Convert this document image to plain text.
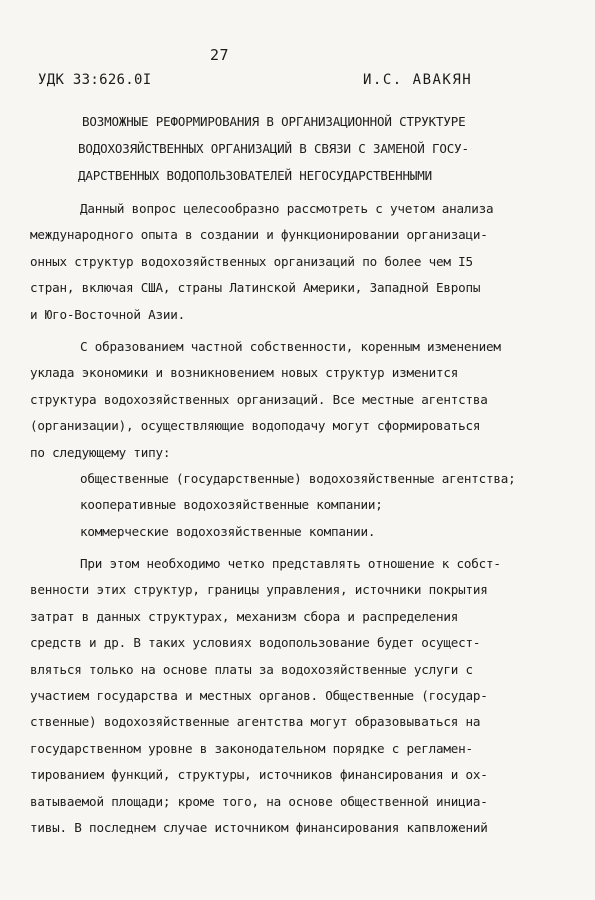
27
УДК 33:626.0I	И.С. АВАКЯН
ВОЗМОЖНЫЕ РЕФОРМИРОВАНИЯ В ОРГАНИЗАЦИОННОЙ СТРУКТУРЕ
ВОДОХОЗЯЙСТВЕННЫХ ОРГАНИЗАЦИЙ В СВЯЗИ С ЗАМЕНОЙ ГОСУ-
ДАРСТВЕННЫХ ВОДОПОЛЬЗОВАТЕЛЕЙ НЕГОСУДАРСТВЕННЫМИ
Данный вопрос целесообразно рассмотреть с учетом анализа
международного опыта в создании и функционировании организаци-
онных структур водохозяйственных организаций по более чем I5
стран, включая США, страны Латинской Америки, Западной Европы
и Юго-Восточной Азии.
С образованием частной собственности, коренным изменением
уклада экономики и возникновением новых структур изменится
структура водохозяйственных организаций. Все местные агентства
(организации), осуществляющие водоподачу могут сформироваться
по следующему типу:
общественные (государственные) водохозяйственные агентства;
кооперативные водохозяйственные компании;
коммерческие водохозяйственные компании.
При этом необходимо четко представлять отношение к собст-
венности этих структур, границы управления, источники покрытия
затрат в данных структурах, механизм сбора и распределения
средств и др. В таких условиях водопользование будет осущест-
вляться только на основе платы за водохозяйственные услуги с
участием государства и местных органов. Общественные (государ-
ственные) водохозяйственные агентства могут образовываться на
государственном уровне в законодательном порядке с регламен-
тированием функций, структуры, источников финансирования и ох-
ватываемой площади; кроме того, на основе общественной инициа-
тивы. В последнем случае источником финансирования капвложений
